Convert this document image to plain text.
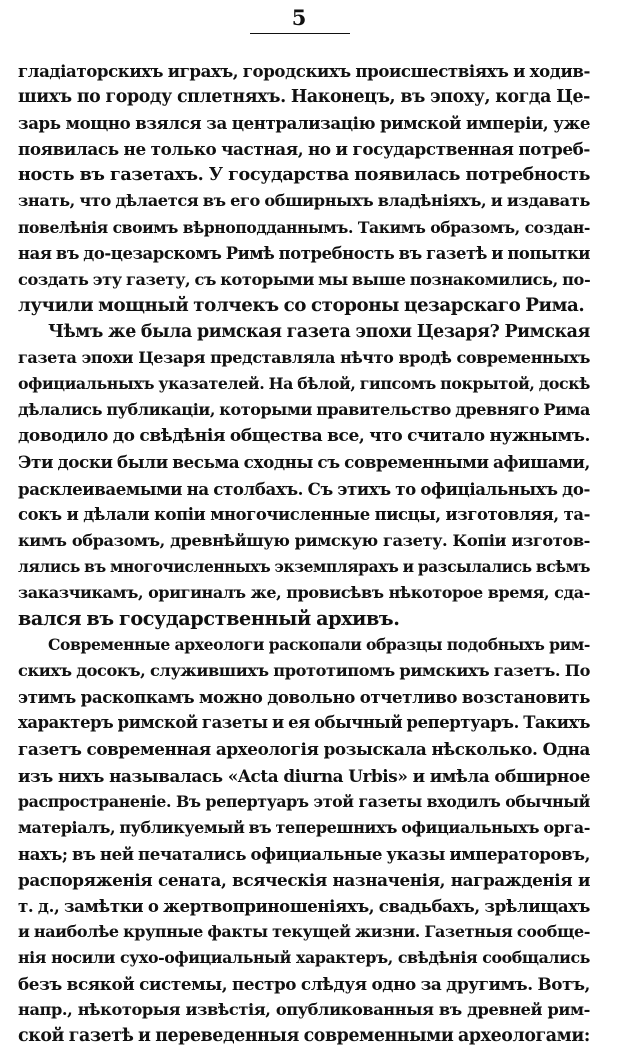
5
гладіаторскихъ играхъ, городскихъ происшествіяхъ и ходив-
шихъ по городу сплетняхъ. Наконецъ, въ эпоху, когда Це-
зарь мощно взялся за централизацію римской имперіи, уже
появилась не только частная, но и государственная потреб-
ность въ газетахъ. У государства появилась потребность
знать, что дѣлается въ его обширныхъ владѣніяхъ, и издавать
повелѣнія своимъ вѣрноподданнымъ. Такимъ образомъ, создан-
ная въ до-цезарскомъ Римѣ потребность въ газетѣ и попытки
создать эту газету, съ которыми мы выше познакомились, по-
лучили мощный толчекъ со стороны цезарскаго Рима.
Чѣмъ же была римская газета эпохи Цезаря? Римская
газета эпохи Цезаря представляла нѣчто вродѣ современныхъ
официальныхъ указателей. На бѣлой, гипсомъ покрытой, доскѣ
дѣлались публикаціи, которыми правительство древняго Рима
доводило до свѣдѣнія общества все, что считало нужнымъ.
Эти доски были весьма сходны съ современными афишами,
расклеиваемыми на столбахъ. Съ этихъ то офиціальныхъ до-
сокъ и дѣлали копіи многочисленные писцы, изготовляя, та-
кимъ образомъ, древнѣйшую римскую газету. Копіи изготов-
лялись въ многочисленныхъ экземплярахъ и разсылались всѣмъ
заказчикамъ, оригиналъ же, провисѣвъ нѣкоторое время, сда-
вался въ государственный архивъ.
Современные археологи раскопали образцы подобныхъ рим-
скихъ досокъ, служившихъ прототипомъ римскихъ газетъ. По
этимъ раскопкамъ можно довольно отчетливо возстановить
характеръ римской газеты и ея обычный репертуаръ. Такихъ
газетъ современная археологія розыскала нѣсколько. Одна
изъ нихъ называлась «Acta diurna Urbis» и имѣла обширное
распространеніе. Въ репертуаръ этой газеты входилъ обычный
матеріалъ, публикуемый въ теперешнихъ официальныхъ орга-
нахъ; въ ней печатались официальные указы императоровъ,
распоряженія сената, всяческія назначенія, награжденія и
т. д., замѣтки о жертвоприношеніяхъ, свадьбахъ, зрѣлищахъ
и наиболѣе крупные факты текущей жизни. Газетныя сообще-
нія носили сухо-официальный характеръ, свѣдѣнія сообщались
безъ всякой системы, пестро слѣдуя одно за другимъ. Вотъ,
напр., нѣкоторыя извѣстія, опубликованныя въ древней рим-
ской газетѣ и переведенныя современными археологами:
